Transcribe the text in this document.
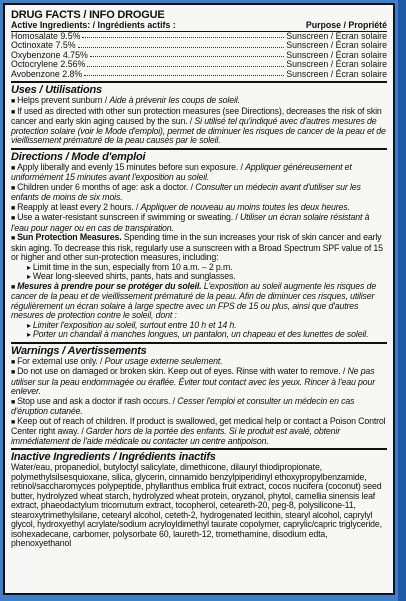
DRUG FACTS / INFO DROGUE
Active Ingredients: / Ingrédients actifs :	Purpose / Propriété
Homosalate 9.5%	Sunscreen / Écran solaire
Octinoxate 7.5%	Sunscreen / Écran solaire
Oxybenzone 4.75%	Sunscreen / Écran solaire
Octocrylene 2.56%	Sunscreen / Écran solaire
Avobenzone 2.8%	Sunscreen / Écran solaire
Uses / Utilisations

■ Helps prevent sunburn / Aide à prévenir les coups de soleil.

■ If used as directed with other sun protection measures (see Directions), decreases the risk of skin cancer and early skin aging caused by the sun. / Si utilisé tel qu'indiqué avec d'autres mesures de protection solaire (voir le Mode d'emploi), permet de diminuer les risques de cancer de la peau et de vieillissement prématuré de la peau causés par le soleil.

Directions / Mode d'emploi

■ Apply liberally and evenly 15 minutes before sun exposure. / Appliquer généreusement et uniformément 15 minutes avant l'exposition au soleil.

■ Children under 6 months of age: ask a doctor. / Consulter un médecin avant d'utiliser sur les enfants de moins de six mois.

■ Reapply at least every 2 hours. / Appliquer de nouveau au moins toutes les deux heures.

■ Use a water-resistant sunscreen if swimming or sweating. / Utiliser un écran solaire résistant à l'eau pour nager ou en cas de transpiration.

■ Sun Protection Measures. Spending time in the sun increases your risk of skin cancer and early skin aging. To decrease this risk, regularly use a sunscreen with a Broad Spectrum SPF value of 15 or higher and other sun-protection measures, including:

▸ Limit time in the sun, especially from 10 a.m. – 2 p.m.

▸ Wear long-sleeved shirts, pants, hats and sunglasses.

■ Mesures à prendre pour se protéger du soleil. L'exposition au soleil augmente les risques de cancer de la peau et de vieillissement prématuré de la peau. Afin de diminuer ces risques, utiliser régulièrement un écran solaire à large spectre avec un FPS de 15 ou plus, ainsi que d'autres mesures de protection contre le soleil, dont :

▸ Limiter l'exposition au soleil, surtout entre 10 h et 14 h.

▸ Porter un chandail à manches longues, un pantalon, un chapeau et des lunettes de soleil.

Warnings / Avertissements

■ For external use only. / Pour usage externe seulement.

■ Do not use on damaged or broken skin. Keep out of eyes. Rinse with water to remove. / Ne pas utiliser sur la peau endommagée ou éraflée. Éviter tout contact avec les yeux. Rincer à l'eau pour enlever.

■ Stop use and ask a doctor if rash occurs. / Cesser l'emploi et consulter un médecin en cas d'éruption cutanée.

■ Keep out of reach of children. If product is swallowed, get medical help or contact a Poison Control Center right away. / Garder hors de la portée des enfants. Si le produit est avalé, obtenir immédiatement de l'aide médicale ou contacter un centre antipoison.

Inactive Ingredients / Ingrédients inactifs

Water/eau, propanediol, butyloctyl salicylate, dimethicone, dilauryl thiodipropionate, polymethylsilsesquioxane, silica, glycerin, cinnamido benzylpiperidinyl ethoxypropylbenzamide, retinol/saccharomyces polypeptide, phyllanthus emblica fruit extract, cocos nucifera (coconut) seed butter, hydrolyzed wheat starch, hydrolyzed wheat protein, oryzanol, phytol, camellia sinensis leaf extract, phaeodactylum tricornutum extract, tocopherol, ceteareth-20, peg-8, polysilicone-11, stearoxytrimethylsilane, cetearyl alcohol, ceteth-2, hydrogenated lecithin, stearyl alcohol, caprylyl glycol, hydroxyethyl acrylate/sodium acryloyldimethyl taurate copolymer, caprylic/capric triglyceride, isohexadecane, carbomer, polysorbate 60, laureth-12, tromethamine, disodium edta, phenoxyethanol
